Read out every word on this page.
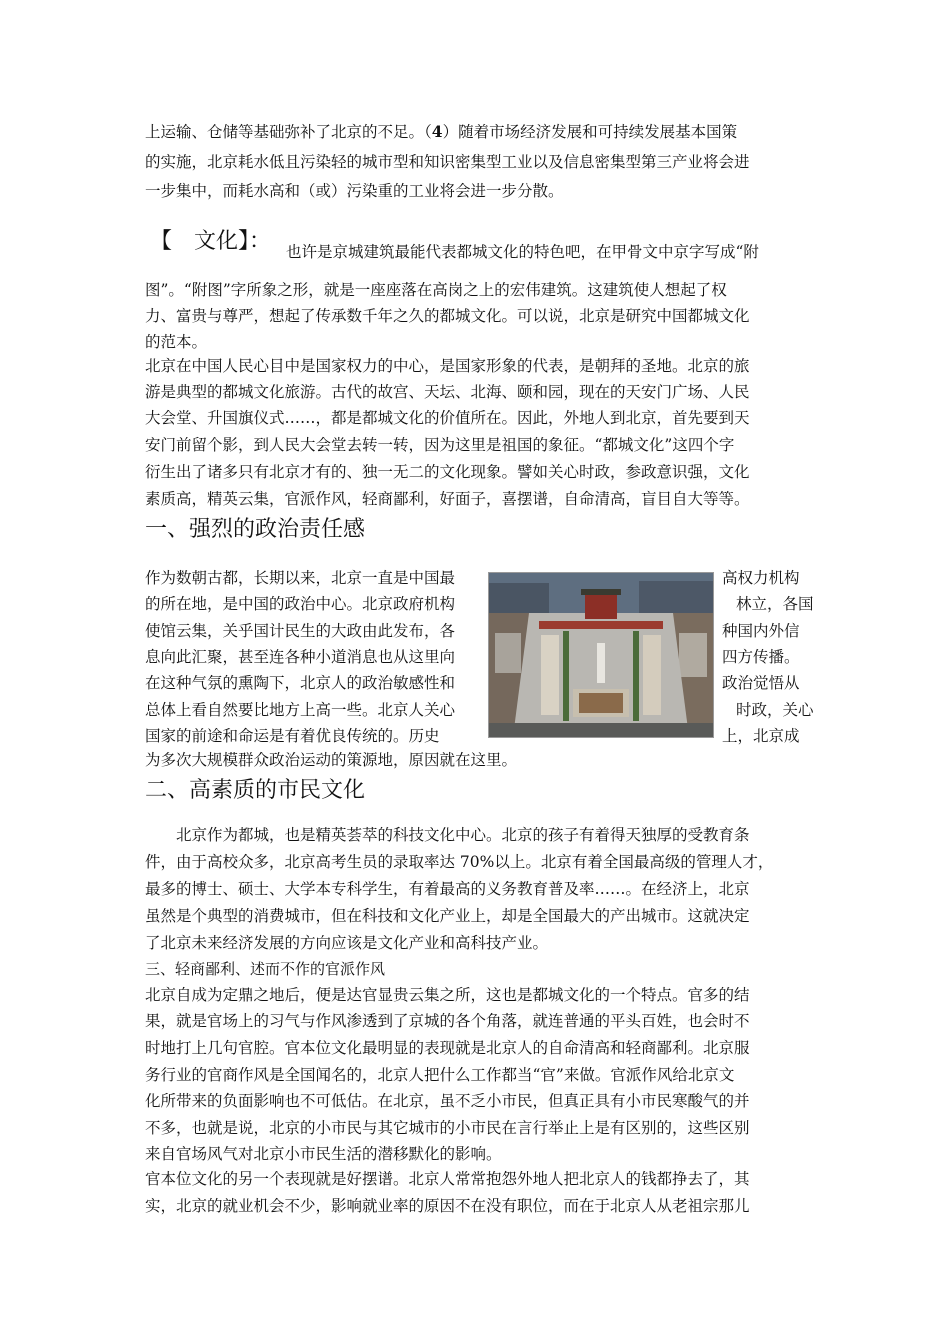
上运输、仓储等基础弥补了北京的不足。（4）随着市场经济发展和可持续发展基本国策
的实施，北京耗水低且污染轻的城市型和知识密集型工业以及信息密集型第三产业将会进
一步集中，而耗水高和（或）污染重的工业将会进一步分散。
【　文化】： 也许是京城建筑最能代表都城文化的特色吧，在甲骨文中京字写成“附
图”。“附图”字所象之形，就是一座座落在高岗之上的宏伟建筑。这建筑使人想起了权
力、富贵与尊严，想起了传承数千年之久的都城文化。可以说，北京是研究中国都城文化
的范本。
北京在中国人民心目中是国家权力的中心，是国家形象的代表，是朝拜的圣地。北京的旅
游是典型的都城文化旅游。古代的故宫、天坛、北海、颐和园，现在的天安门广场、人民
大会堂、升国旗仪式……，都是都城文化的价值所在。因此，外地人到北京，首先要到天
安门前留个影，到人民大会堂去转一转，因为这里是祖国的象征。“都城文化”这四个字
衍生出了诸多只有北京才有的、独一无二的文化现象。譬如关心时政，参政意识强，文化
素质高，精英云集，官派作风，轻商鄙利，好面子，喜摆谱，自命清高，盲目自大等等。
一、强烈的政治责任感
作为数朝古都，长期以来，北京一直是中国最
的所在地，是中国的政治中心。北京政府机构
使馆云集，关乎国计民生的大政由此发布，各
息向此汇聚，甚至连各种小道消息也从这里向
在这种气氛的熏陶下，北京人的政治敏感性和
总体上看自然要比地方上高一些。北京人关心
国家的前途和命运是有着优良传统的。历史
高权力机构
林立，各国
种国内外信
四方传播。
政治觉悟从
时政，关心
上，北京成
为多次大规模群众政治运动的策源地，原因就在这里。
二、高素质的市民文化
　　北京作为都城，也是精英荟萃的科技文化中心。北京的孩子有着得天独厚的受教育条
件，由于高校众多，北京高考生员的录取率达 70%以上。北京有着全国最高级的管理人才，
最多的博士、硕士、大学本专科学生，有着最高的义务教育普及率……。在经济上，北京
虽然是个典型的消费城市，但在科技和文化产业上，却是全国最大的产出城市。这就决定
了北京未来经济发展的方向应该是文化产业和高科技产业。
三、轻商鄙利、述而不作的官派作风
北京自成为定鼎之地后，便是达官显贵云集之所，这也是都城文化的一个特点。官多的结
果，就是官场上的习气与作风渗透到了京城的各个角落，就连普通的平头百姓，也会时不
时地打上几句官腔。官本位文化最明显的表现就是北京人的自命清高和轻商鄙利。北京服
务行业的官商作风是全国闻名的，北京人把什么工作都当“官”来做。官派作风给北京文
化所带来的负面影响也不可低估。在北京，虽不乏小市民，但真正具有小市民寒酸气的并
不多，也就是说，北京的小市民与其它城市的小市民在言行举止上是有区别的，这些区别
来自官场风气对北京小市民生活的潜移默化的影响。
官本位文化的另一个表现就是好摆谱。北京人常常抱怨外地人把北京人的钱都挣去了，其
实，北京的就业机会不少，影响就业率的原因不在没有职位，而在于北京人从老祖宗那儿
